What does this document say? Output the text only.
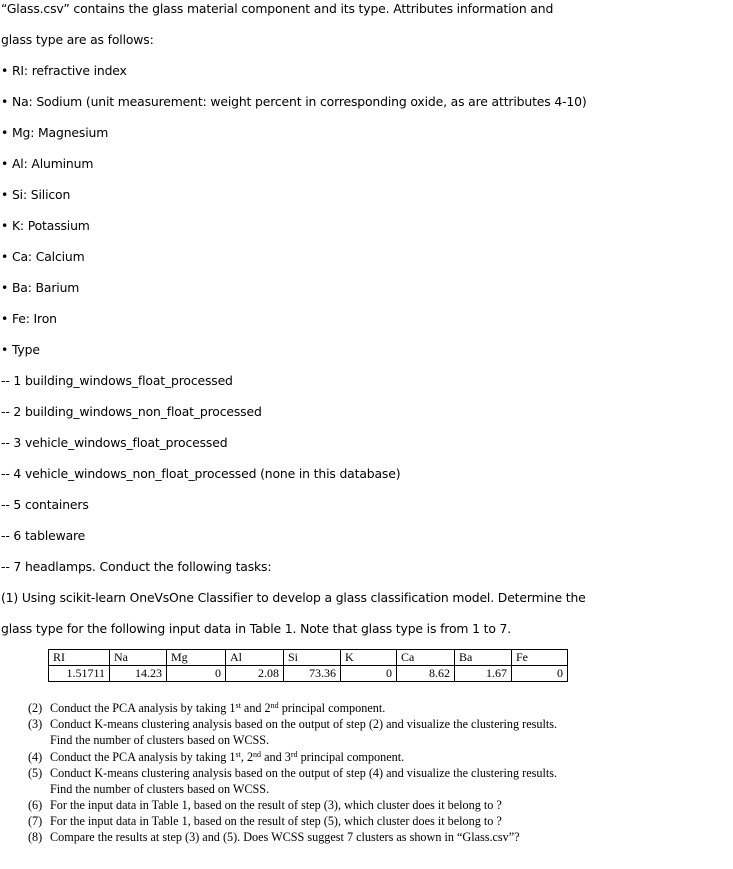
“Glass.csv” contains the glass material component and its type. Attributes information and
glass type are as follows:
• RI: refractive index
• Na: Sodium (unit measurement: weight percent in corresponding oxide, as are attributes 4-10)
• Mg: Magnesium
• Al: Aluminum
• Si: Silicon
• K: Potassium
• Ca: Calcium
• Ba: Barium
• Fe: Iron
• Type
-- 1 building_windows_float_processed
-- 2 building_windows_non_float_processed
-- 3 vehicle_windows_float_processed
-- 4 vehicle_windows_non_float_processed (none in this database)
-- 5 containers
-- 6 tableware
-- 7 headlamps. Conduct the following tasks:
(1) Using scikit-learn OneVsOne Classifier to develop a glass classification model. Determine the
glass type for the following input data in Table 1. Note that glass type is from 1 to 7.
RI	Na	Mg	Al	Si	K	Ca	Ba	Fe
1.51711	14.23	0	2.08	73.36	0	8.62	1.67	0
(2) Conduct the PCA analysis by taking 1st and 2nd principal component.
(3) Conduct K-means clustering analysis based on the output of step (2) and visualize the clustering results. Find the number of clusters based on WCSS.
(4) Conduct the PCA analysis by taking 1st, 2nd and 3rd principal component.
(5) Conduct K-means clustering analysis based on the output of step (4) and visualize the clustering results. Find the number of clusters based on WCSS.
(6) For the input data in Table 1, based on the result of step (3), which cluster does it belong to ?
(7) For the input data in Table 1, based on the result of step (5), which cluster does it belong to ?
(8) Compare the results at step (3) and (5). Does WCSS suggest 7 clusters as shown in “Glass.csv”?
